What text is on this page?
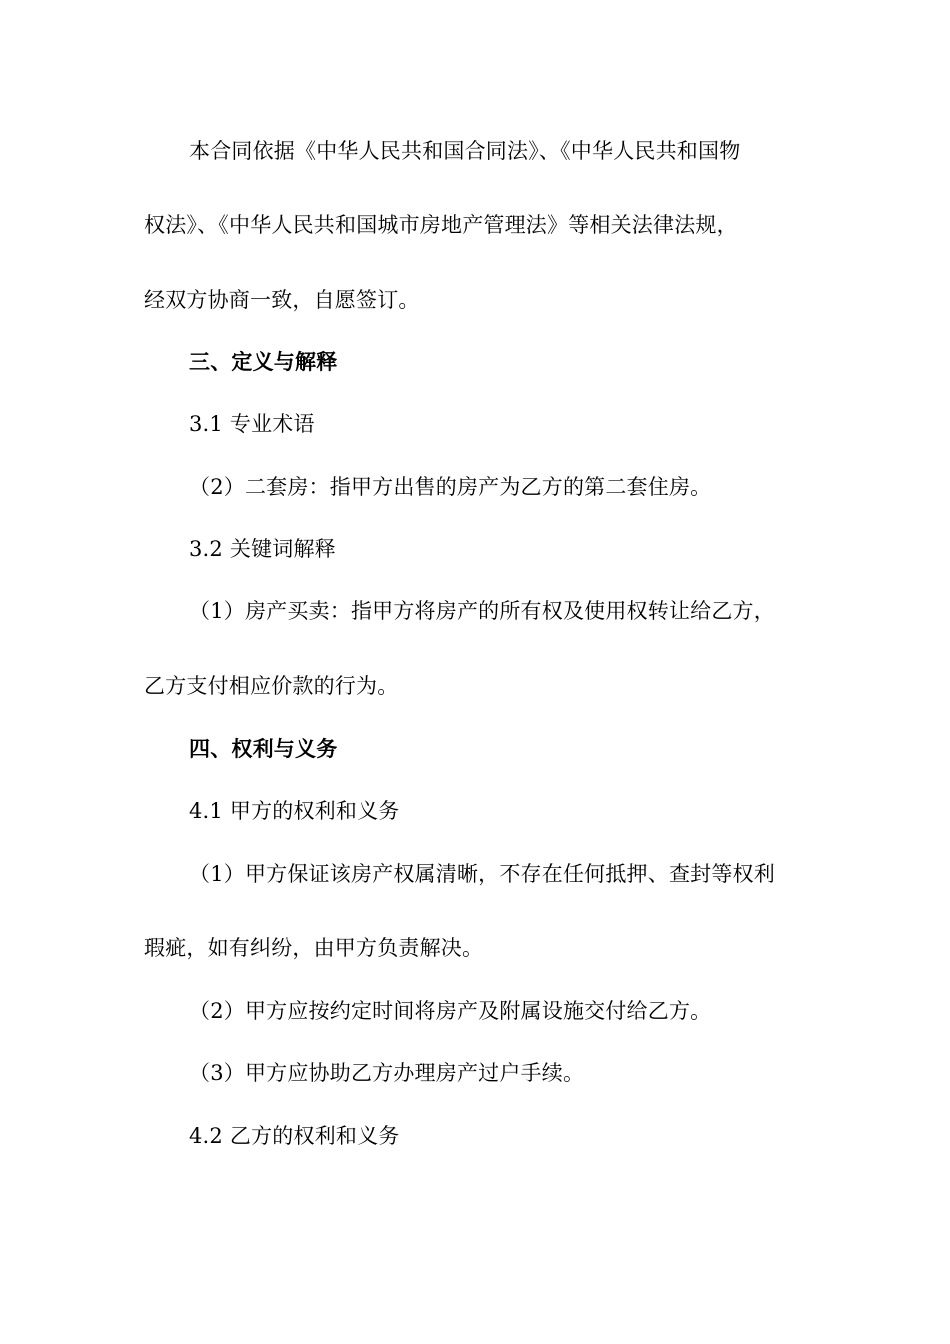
本合同依据《中华人民共和国合同法》、《中华人民共和国物
权法》、《中华人民共和国城市房地产管理法》等相关法律法规，
经双方协商一致，自愿签订。
三、定义与解释
3.1 专业术语
（2）二套房：指甲方出售的房产为乙方的第二套住房。
3.2 关键词解释
（1）房产买卖：指甲方将房产的所有权及使用权转让给乙方，
乙方支付相应价款的行为。
四、权利与义务
4.1 甲方的权利和义务
（1）甲方保证该房产权属清晰，不存在任何抵押、查封等权利
瑕疵，如有纠纷，由甲方负责解决。
（2）甲方应按约定时间将房产及附属设施交付给乙方。
（3）甲方应协助乙方办理房产过户手续。
4.2 乙方的权利和义务
